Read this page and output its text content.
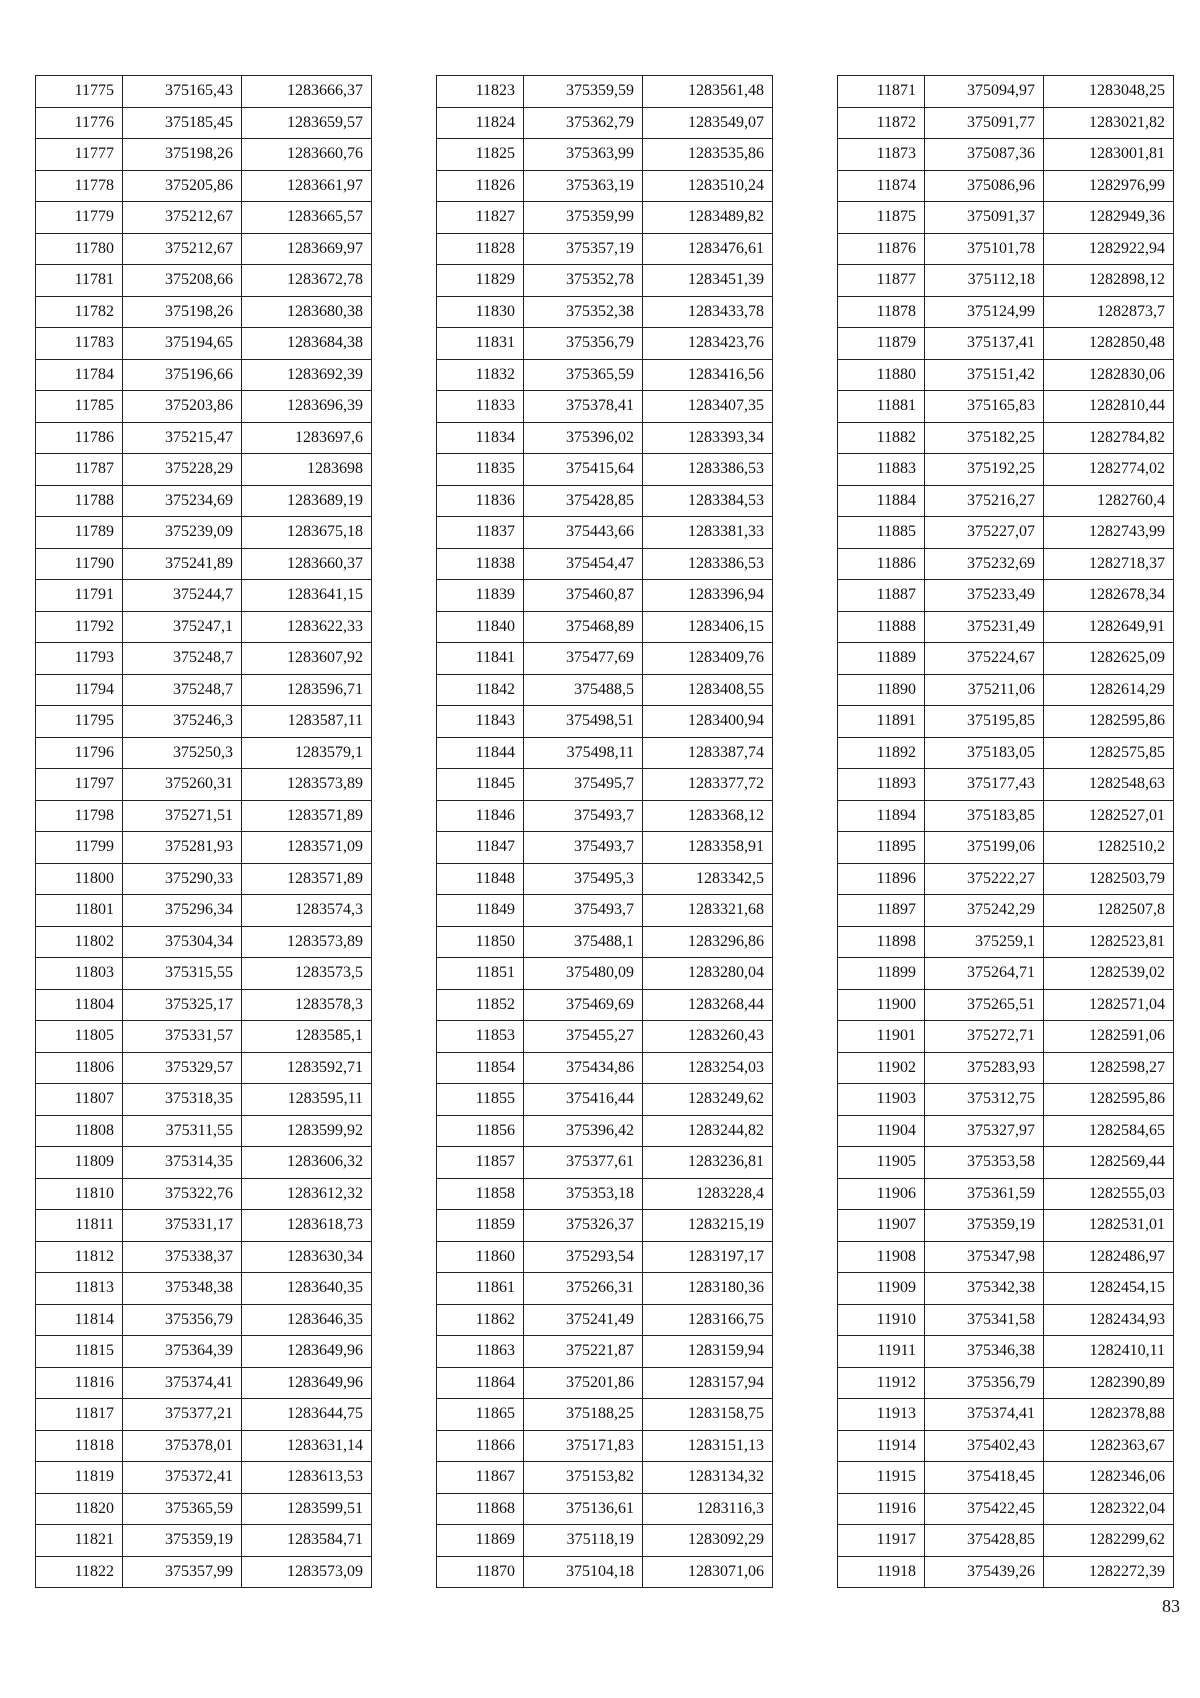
11775	375165,43	1283666,37
11776	375185,45	1283659,57
11777	375198,26	1283660,76
11778	375205,86	1283661,97
11779	375212,67	1283665,57
11780	375212,67	1283669,97
11781	375208,66	1283672,78
11782	375198,26	1283680,38
11783	375194,65	1283684,38
11784	375196,66	1283692,39
11785	375203,86	1283696,39
11786	375215,47	1283697,6
11787	375228,29	1283698
11788	375234,69	1283689,19
11789	375239,09	1283675,18
11790	375241,89	1283660,37
11791	375244,7	1283641,15
11792	375247,1	1283622,33
11793	375248,7	1283607,92
11794	375248,7	1283596,71
11795	375246,3	1283587,11
11796	375250,3	1283579,1
11797	375260,31	1283573,89
11798	375271,51	1283571,89
11799	375281,93	1283571,09
11800	375290,33	1283571,89
11801	375296,34	1283574,3
11802	375304,34	1283573,89
11803	375315,55	1283573,5
11804	375325,17	1283578,3
11805	375331,57	1283585,1
11806	375329,57	1283592,71
11807	375318,35	1283595,11
11808	375311,55	1283599,92
11809	375314,35	1283606,32
11810	375322,76	1283612,32
11811	375331,17	1283618,73
11812	375338,37	1283630,34
11813	375348,38	1283640,35
11814	375356,79	1283646,35
11815	375364,39	1283649,96
11816	375374,41	1283649,96
11817	375377,21	1283644,75
11818	375378,01	1283631,14
11819	375372,41	1283613,53
11820	375365,59	1283599,51
11821	375359,19	1283584,71
11822	375357,99	1283573,09
11823	375359,59	1283561,48
11824	375362,79	1283549,07
11825	375363,99	1283535,86
11826	375363,19	1283510,24
11827	375359,99	1283489,82
11828	375357,19	1283476,61
11829	375352,78	1283451,39
11830	375352,38	1283433,78
11831	375356,79	1283423,76
11832	375365,59	1283416,56
11833	375378,41	1283407,35
11834	375396,02	1283393,34
11835	375415,64	1283386,53
11836	375428,85	1283384,53
11837	375443,66	1283381,33
11838	375454,47	1283386,53
11839	375460,87	1283396,94
11840	375468,89	1283406,15
11841	375477,69	1283409,76
11842	375488,5	1283408,55
11843	375498,51	1283400,94
11844	375498,11	1283387,74
11845	375495,7	1283377,72
11846	375493,7	1283368,12
11847	375493,7	1283358,91
11848	375495,3	1283342,5
11849	375493,7	1283321,68
11850	375488,1	1283296,86
11851	375480,09	1283280,04
11852	375469,69	1283268,44
11853	375455,27	1283260,43
11854	375434,86	1283254,03
11855	375416,44	1283249,62
11856	375396,42	1283244,82
11857	375377,61	1283236,81
11858	375353,18	1283228,4
11859	375326,37	1283215,19
11860	375293,54	1283197,17
11861	375266,31	1283180,36
11862	375241,49	1283166,75
11863	375221,87	1283159,94
11864	375201,86	1283157,94
11865	375188,25	1283158,75
11866	375171,83	1283151,13
11867	375153,82	1283134,32
11868	375136,61	1283116,3
11869	375118,19	1283092,29
11870	375104,18	1283071,06
11871	375094,97	1283048,25
11872	375091,77	1283021,82
11873	375087,36	1283001,81
11874	375086,96	1282976,99
11875	375091,37	1282949,36
11876	375101,78	1282922,94
11877	375112,18	1282898,12
11878	375124,99	1282873,7
11879	375137,41	1282850,48
11880	375151,42	1282830,06
11881	375165,83	1282810,44
11882	375182,25	1282784,82
11883	375192,25	1282774,02
11884	375216,27	1282760,4
11885	375227,07	1282743,99
11886	375232,69	1282718,37
11887	375233,49	1282678,34
11888	375231,49	1282649,91
11889	375224,67	1282625,09
11890	375211,06	1282614,29
11891	375195,85	1282595,86
11892	375183,05	1282575,85
11893	375177,43	1282548,63
11894	375183,85	1282527,01
11895	375199,06	1282510,2
11896	375222,27	1282503,79
11897	375242,29	1282507,8
11898	375259,1	1282523,81
11899	375264,71	1282539,02
11900	375265,51	1282571,04
11901	375272,71	1282591,06
11902	375283,93	1282598,27
11903	375312,75	1282595,86
11904	375327,97	1282584,65
11905	375353,58	1282569,44
11906	375361,59	1282555,03
11907	375359,19	1282531,01
11908	375347,98	1282486,97
11909	375342,38	1282454,15
11910	375341,58	1282434,93
11911	375346,38	1282410,11
11912	375356,79	1282390,89
11913	375374,41	1282378,88
11914	375402,43	1282363,67
11915	375418,45	1282346,06
11916	375422,45	1282322,04
11917	375428,85	1282299,62
11918	375439,26	1282272,39
83
